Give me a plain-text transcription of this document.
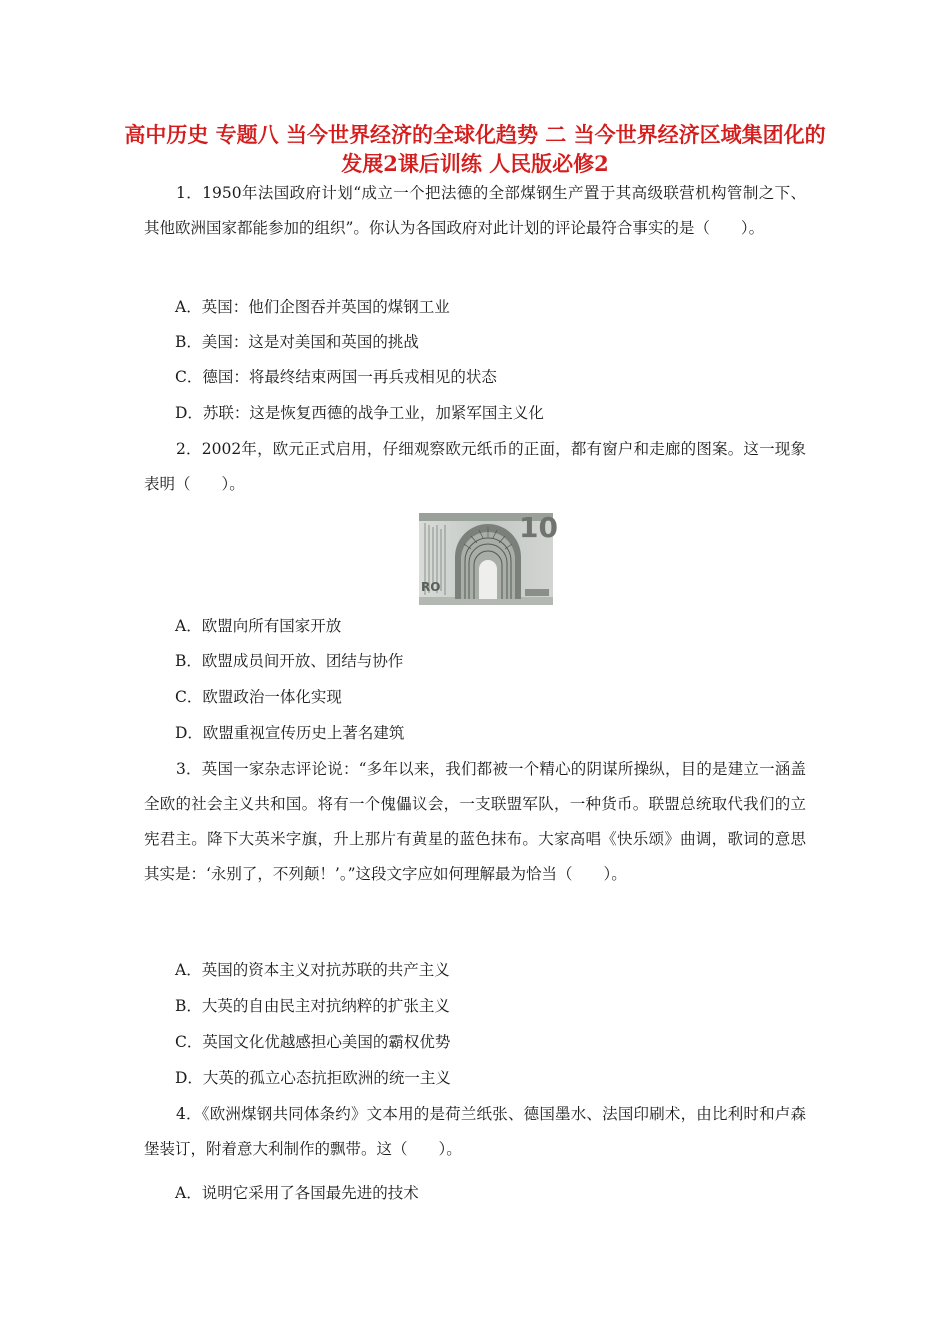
高中历史 专题八 当今世界经济的全球化趋势 二 当今世界经济区域集团化的发展2课后训练 人民版必修2
1．1950年法国政府计划“成立一个把法德的全部煤钢生产置于其高级联营机构管制之下、其他欧洲国家都能参加的组织”。你认为各国政府对此计划的评论最符合事实的是（　　）。
A．英国：他们企图吞并英国的煤钢工业
B．美国：这是对美国和英国的挑战
C．德国：将最终结束两国一再兵戎相见的状态
D．苏联：这是恢复西德的战争工业，加紧军国主义化
2．2002年，欧元正式启用，仔细观察欧元纸币的正面，都有窗户和走廊的图案。这一现象表明（　　）。
10
RO
A．欧盟向所有国家开放
B．欧盟成员间开放、团结与协作
C．欧盟政治一体化实现
D．欧盟重视宣传历史上著名建筑
3．英国一家杂志评论说：“多年以来，我们都被一个精心的阴谋所操纵，目的是建立一涵盖全欧的社会主义共和国。将有一个傀儡议会，一支联盟军队，一种货币。联盟总统取代我们的立宪君主。降下大英米字旗，升上那片有黄星的蓝色抹布。大家高唱《快乐颂》曲调，歌词的意思其实是：‘永别了，不列颠！’。”这段文字应如何理解最为恰当（　　）。
A．英国的资本主义对抗苏联的共产主义
B．大英的自由民主对抗纳粹的扩张主义
C．英国文化优越感担心美国的霸权优势
D．大英的孤立心态抗拒欧洲的统一主义
4．《欧洲煤钢共同体条约》文本用的是荷兰纸张、德国墨水、法国印刷术，由比利时和卢森堡装订，附着意大利制作的飘带。这（　　）。
A．说明它采用了各国最先进的技术
